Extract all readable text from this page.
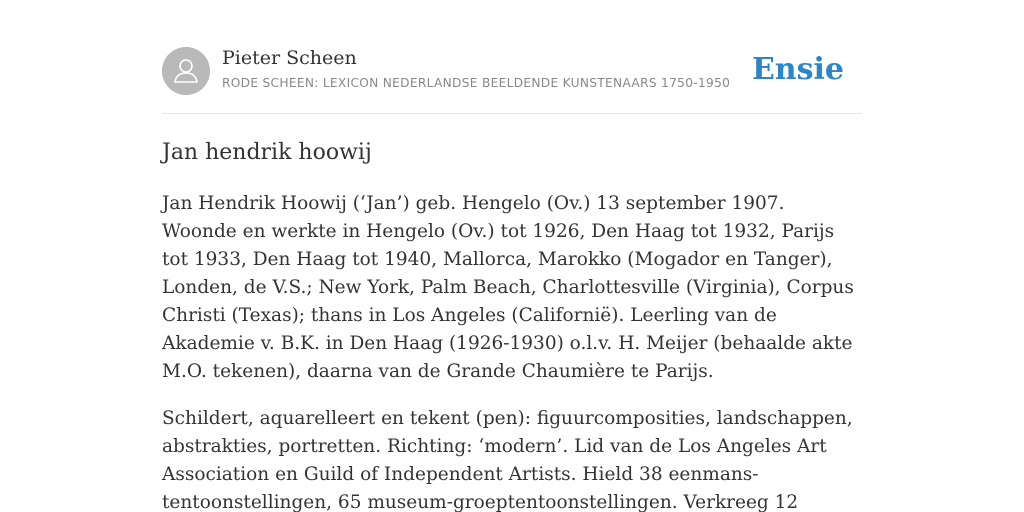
Pieter Scheen
RODE SCHEEN: LEXICON NEDERLANDSE BEELDENDE KUNSTENAARS 1750-1950 Ensie
Jan hendrik hoowij

Jan Hendrik Hoowij (‘Jan’) geb. Hengelo (Ov.) 13 september 1907. Woonde en werkte in Hengelo (Ov.) tot 1926, Den Haag tot 1932, Parijs tot 1933, Den Haag tot 1940, Mallorca, Marokko (Mogador en Tanger), Londen, de V.S.; New York, Palm Beach, Charlottesville (Virginia), Corpus Christi (Texas); thans in Los Angeles (Californië). Leerling van de Akademie v. B.K. in Den Haag (1926-1930) o.l.v. H. Meijer (behaalde akte M.O. tekenen), daarna van de Grande Chaumière te Parijs.

Schildert, aquarelleert en tekent (pen): figuurcomposities, landschappen, abstrakties, portretten. Richting: ‘modern’. Lid van de Los Angeles Art Association en Guild of Independent Artists. Hield 38 eenmans-tentoonstellingen, 65 museum-groeptentoonstellingen. Verkreeg 12
